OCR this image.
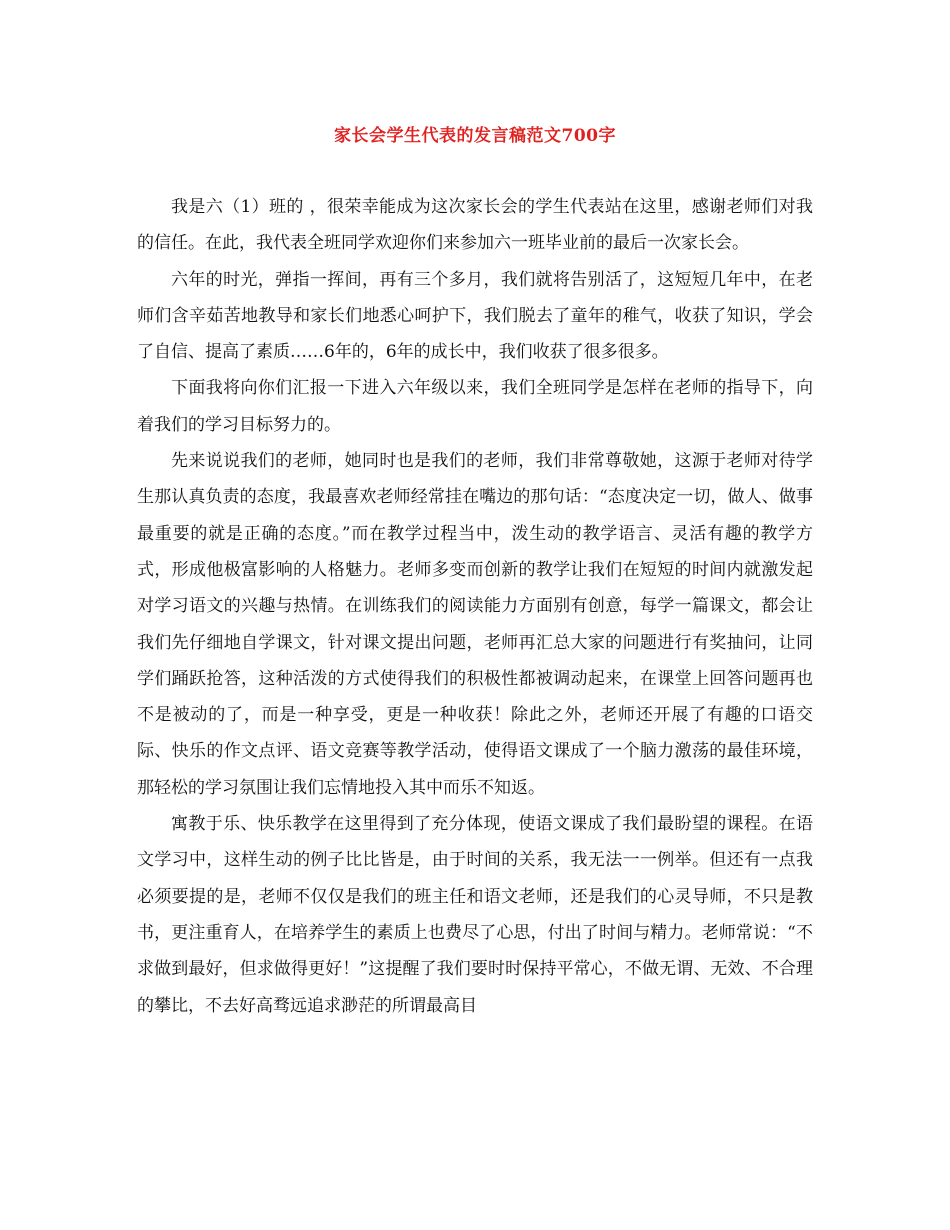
家长会学生代表的发言稿范文700字

我是六（1）班的 ，很荣幸能成为这次家长会的学生代表站在这里，感谢老师们对我的信任。在此，我代表全班同学欢迎你们来参加六一班毕业前的最后一次家长会。

六年的时光，弹指一挥间，再有三个多月，我们就将告别活了，这短短几年中，在老师们含辛茹苦地教导和家长们地悉心呵护下，我们脱去了童年的稚气，收获了知识，学会了自信、提高了素质……6年的，6年的成长中，我们收获了很多很多。

下面我将向你们汇报一下进入六年级以来，我们全班同学是怎样在老师的指导下，向着我们的学习目标努力的。

先来说说我们的老师，她同时也是我们的老师，我们非常尊敬她，这源于老师对待学生那认真负责的态度，我最喜欢老师经常挂在嘴边的那句话：“态度决定一切，做人、做事最重要的就是正确的态度。”而在教学过程当中，泼生动的教学语言、灵活有趣的教学方式，形成他极富影响的人格魅力。老师多变而创新的教学让我们在短短的时间内就激发起对学习语文的兴趣与热情。在训练我们的阅读能力方面别有创意，每学一篇课文，都会让我们先仔细地自学课文，针对课文提出问题，老师再汇总大家的问题进行有奖抽问，让同学们踊跃抢答，这种活泼的方式使得我们的积极性都被调动起来，在课堂上回答问题再也不是被动的了，而是一种享受，更是一种收获！除此之外，老师还开展了有趣的口语交际、快乐的作文点评、语文竞赛等教学活动，使得语文课成了一个脑力激荡的最佳环境，那轻松的学习氛围让我们忘情地投入其中而乐不知返。

寓教于乐、快乐教学在这里得到了充分体现，使语文课成了我们最盼望的课程。在语文学习中，这样生动的例子比比皆是，由于时间的关系，我无法一一例举。但还有一点我必须要提的是，老师不仅仅是我们的班主任和语文老师，还是我们的心灵导师，不只是教书，更注重育人，在培养学生的素质上也费尽了心思，付出了时间与精力。老师常说：“不求做到最好，但求做得更好！”这提醒了我们要时时保持平常心，不做无谓、无效、不合理的攀比，不去好高骛远追求渺茫的所谓最高目
